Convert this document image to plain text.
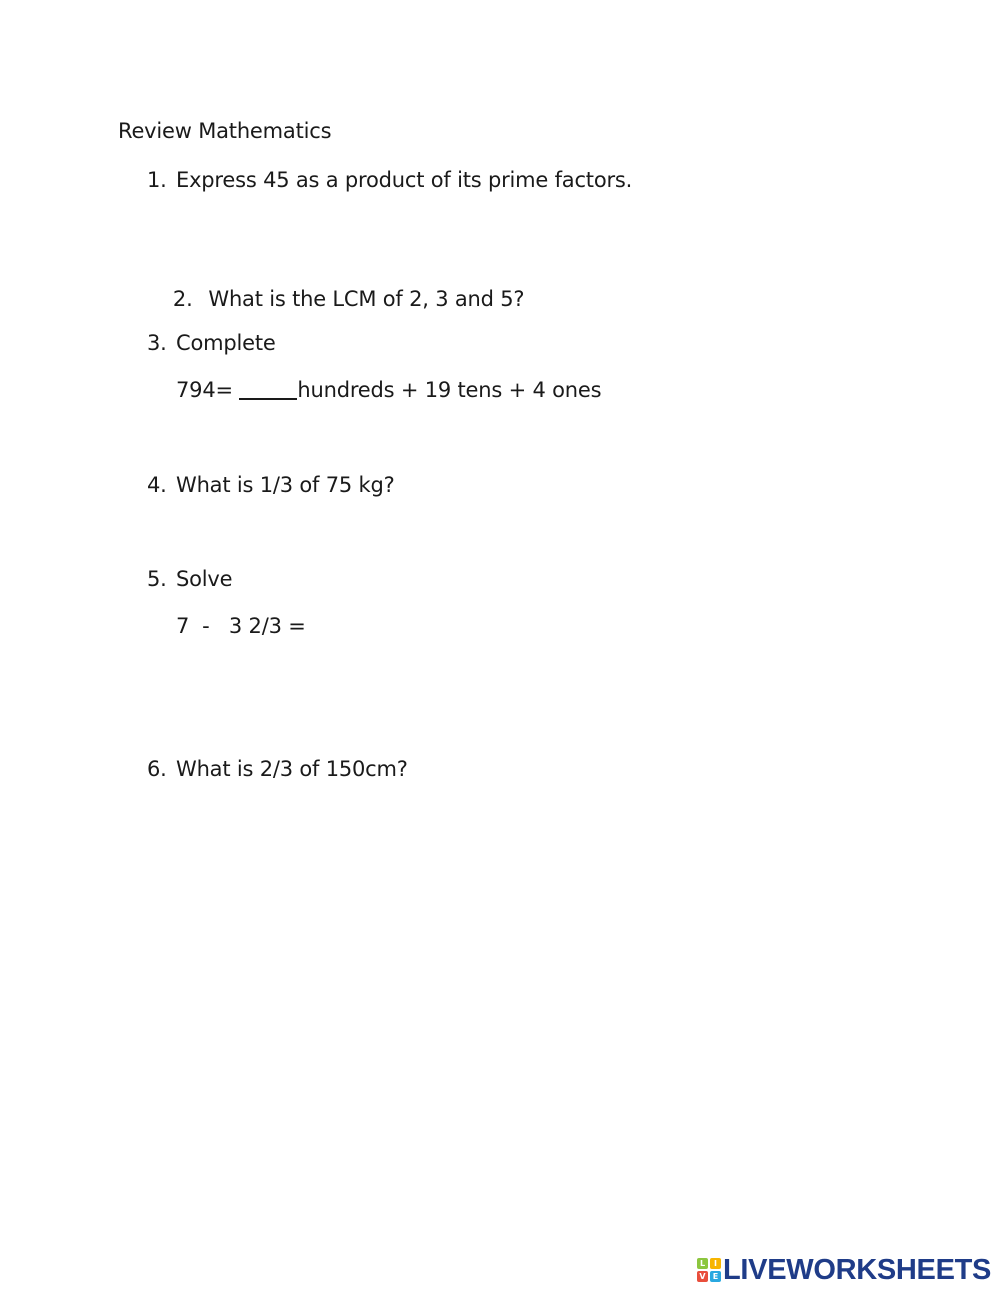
Review Mathematics
1. Express 45 as a product of its prime factors.

2. What is the LCM of 2, 3 and 5?

3. Complete
794=	hundreds + 19 tens + 4 ones
4. What is 1/3 of 75 kg?
5. Solve
7  -   3 2/3 =
6. What is 2/3 of 150cm?
L	I
V E LIVEWORKSHEETS
